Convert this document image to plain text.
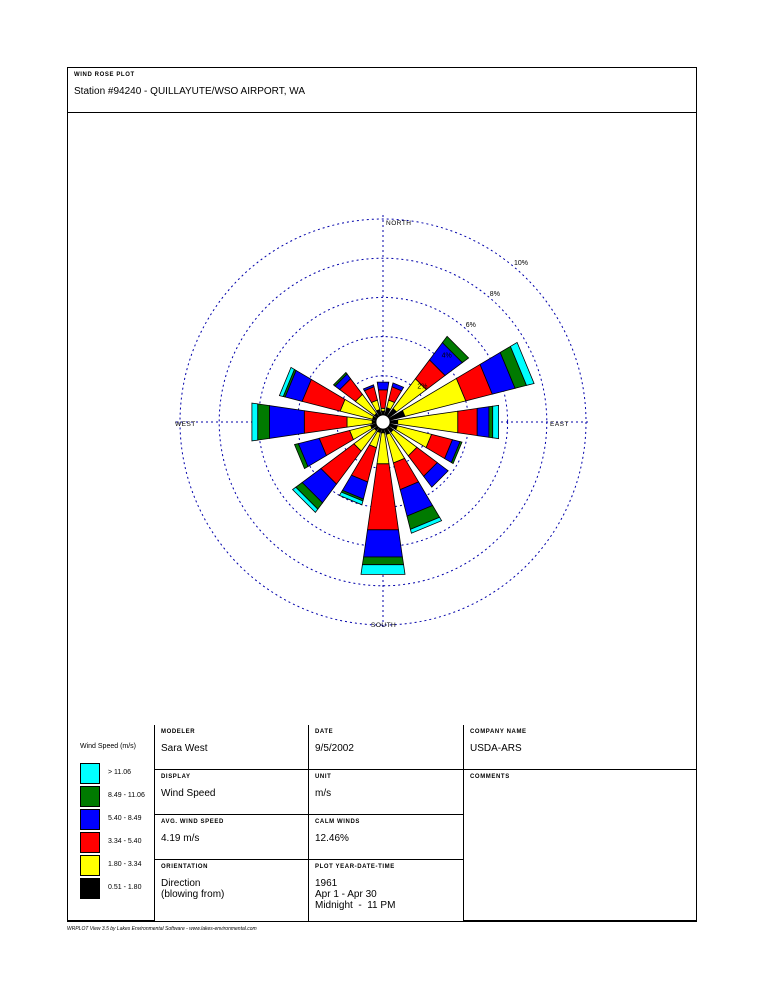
WIND ROSE PLOT
Station #94240 - QUILLAYUTE/WSO AIRPORT, WA
2%
4%
6%
8%
10%
NORTH
SOUTH
EAST
WEST
Wind Speed (m/s)
> 11.06
8.49 - 11.06
5.40 - 8.49
3.34 - 5.40
1.80 - 3.34
0.51 - 1.80
MODELER
Sara West
DATE
9/5/2002
COMPANY NAME
USDA-ARS
DISPLAY
Wind Speed
UNIT
m/s
COMMENTS
AVG. WIND SPEED
4.19 m/s
CALM WINDS
12.46%
ORIENTATION
Direction
(blowing from)
PLOT YEAR-DATE-TIME
1961
Apr 1 - Apr 30
Midnight  -  11 PM
WRPLOT View 3.5 by Lakes Environmental Software - www.lakes-environmental.com
